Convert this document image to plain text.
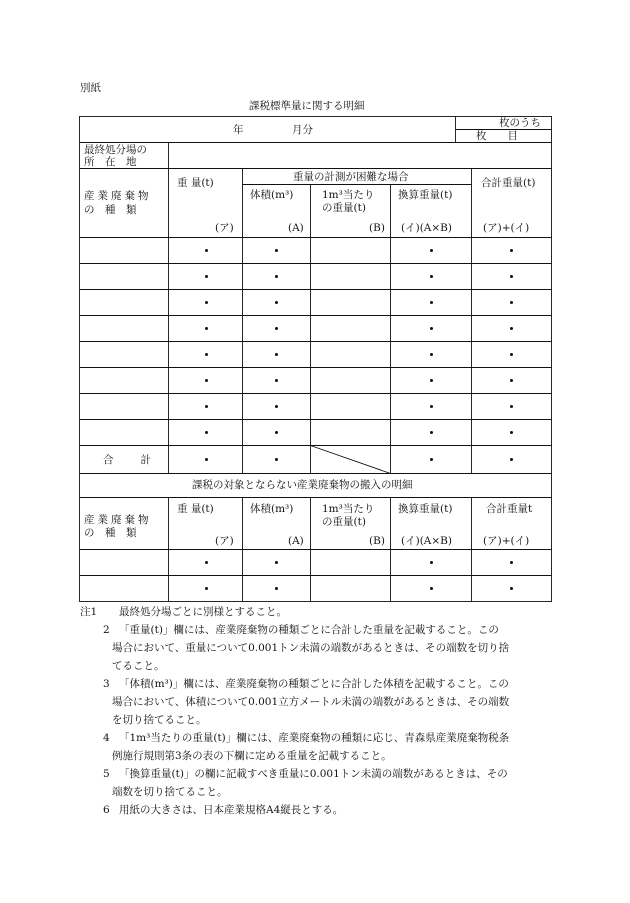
別紙
課税標準量に関する明細
年	月分
枚のうち
枚　　目
最終処分場の
所　在　地
産業廃棄物
の　種　類
重 量(t)
(ア)
重量の計測が困難な場合
体積(m³)
(A)
1m³当たり
の重量(t)
(B)
換算重量(t)
(イ)(A×B)
合計重量(t)
(ア)+(イ)
合　　計
課税の対象とならない産業廃棄物の搬入の明細
産業廃棄物
の　種　類
重 量(t)
(ア)
体積(m³)
(A)
1m³当たり
の重量(t)
(B)
換算重量(t)
(イ)(A×B)
合計重量t
(ア)+(イ)
注1 最終処分場ごとに別様とすること。
2 「重量(t)」欄には、産業廃棄物の種類ごとに合計した重量を記載すること。この
場合において、重量について0.001トン未満の端数があるときは、その端数を切り捨
てること。
3 「体積(m³)」欄には、産業廃棄物の種類ごとに合計した体積を記載すること。この
場合において、体積について0.001立方メートル未満の端数があるときは、その端数
を切り捨てること。
4 「1m³当たりの重量(t)」欄には、産業廃棄物の種類に応じ、青森県産業廃棄物税条
例施行規則第3条の表の下欄に定める重量を記載すること。
5 「換算重量(t)」の欄に記載すべき重量に0.001トン未満の端数があるときは、その
端数を切り捨てること。
6 用紙の大きさは、日本産業規格A4縦長とする。
